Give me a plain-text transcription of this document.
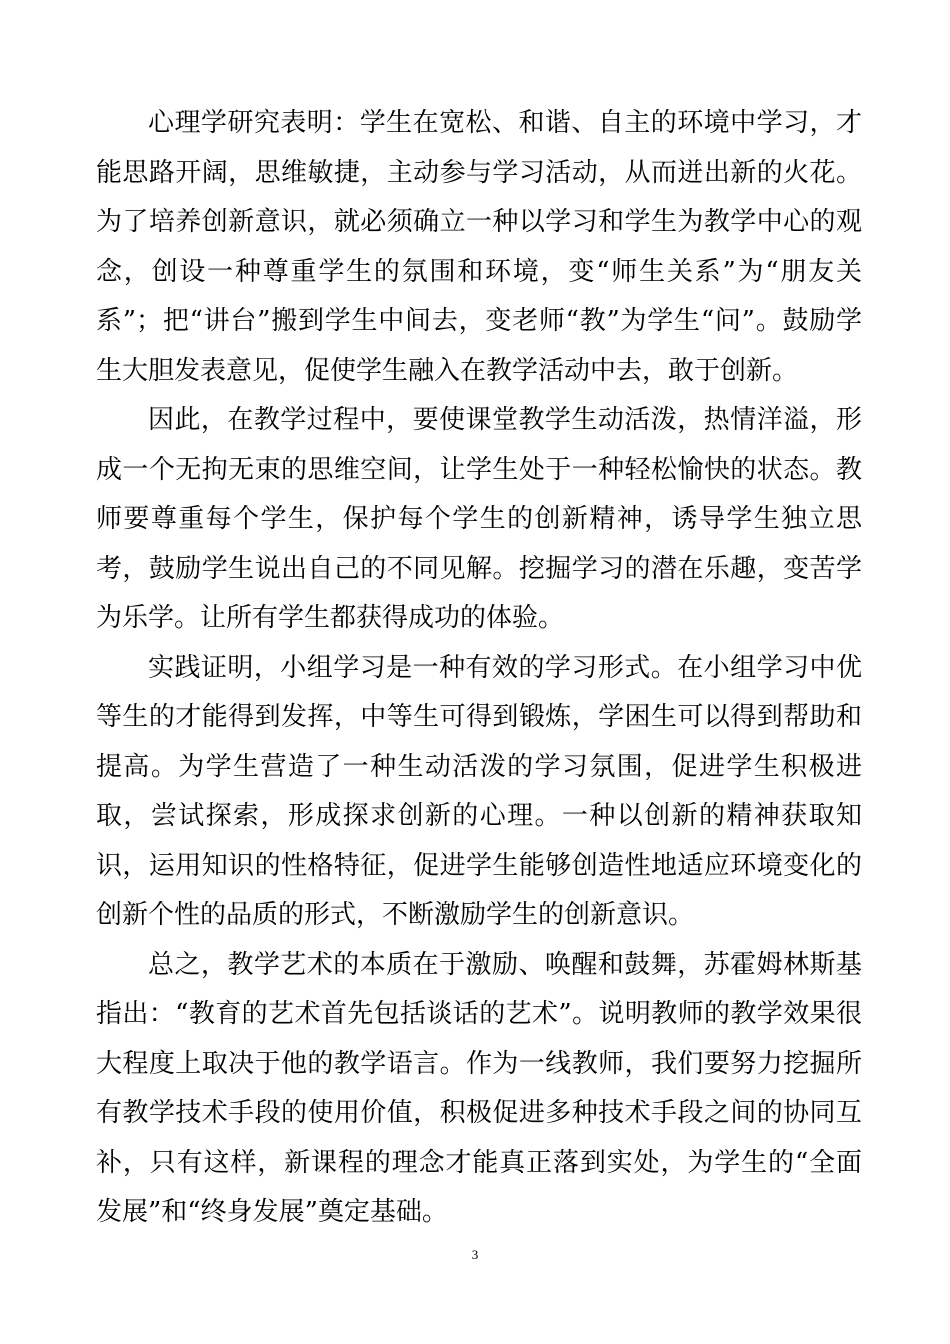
心理学研究表明：学生在宽松、和谐、自主的环境中学习，才能思路开阔，思维敏捷，主动参与学习活动，从而迸出新的火花。为了培养创新意识，就必须确立一种以学习和学生为教学中心的观念，创设一种尊重学生的氛围和环境，变“师生关系”为“朋友关系”；把“讲台”搬到学生中间去，变老师“教”为学生“问”。鼓励学生大胆发表意见，促使学生融入在教学活动中去，敢于创新。

因此，在教学过程中，要使课堂教学生动活泼，热情洋溢，形成一个无拘无束的思维空间，让学生处于一种轻松愉快的状态。教师要尊重每个学生，保护每个学生的创新精神，诱导学生独立思考，鼓励学生说出自己的不同见解。挖掘学习的潜在乐趣，变苦学为乐学。让所有学生都获得成功的体验。

实践证明，小组学习是一种有效的学习形式。在小组学习中优等生的才能得到发挥，中等生可得到锻炼，学困生可以得到帮助和提高。为学生营造了一种生动活泼的学习氛围，促进学生积极进取，尝试探索，形成探求创新的心理。一种以创新的精神获取知识，运用知识的性格特征，促进学生能够创造性地适应环境变化的创新个性的品质的形式，不断激励学生的创新意识。

总之，教学艺术的本质在于激励、唤醒和鼓舞，苏霍姆林斯基指出：“教育的艺术首先包括谈话的艺术”。说明教师的教学效果很大程度上取决于他的教学语言。作为一线教师，我们要努力挖掘所有教学技术手段的使用价值，积极促进多种技术手段之间的协同互补，只有这样，新课程的理念才能真正落到实处，为学生的“全面发展”和“终身发展”奠定基础。

3
